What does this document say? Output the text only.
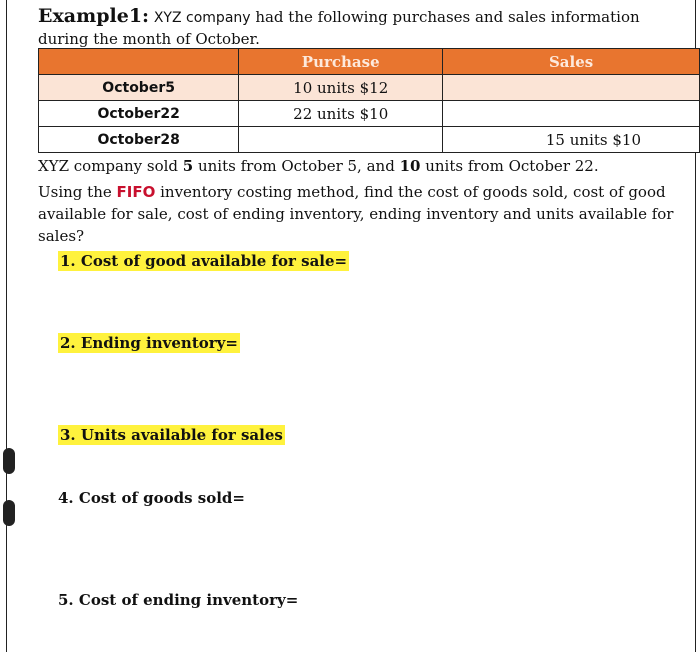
Example1: XYZ company had the following purchases and sales information during the month of October.
	Purchase	Sales
October5	10 units $12	
October22	22 units $10	
October28		15 units $10
XYZ company sold 5 units from October 5, and 10 units from October 22.
Using the FIFO inventory costing method, find the cost of goods sold, cost of good available for sale, cost of ending inventory, ending inventory and units available for sales?
1. Cost of good available for sale=
2. Ending inventory=
3. Units available for sales
4. Cost of goods sold=
5. Cost of ending inventory=
